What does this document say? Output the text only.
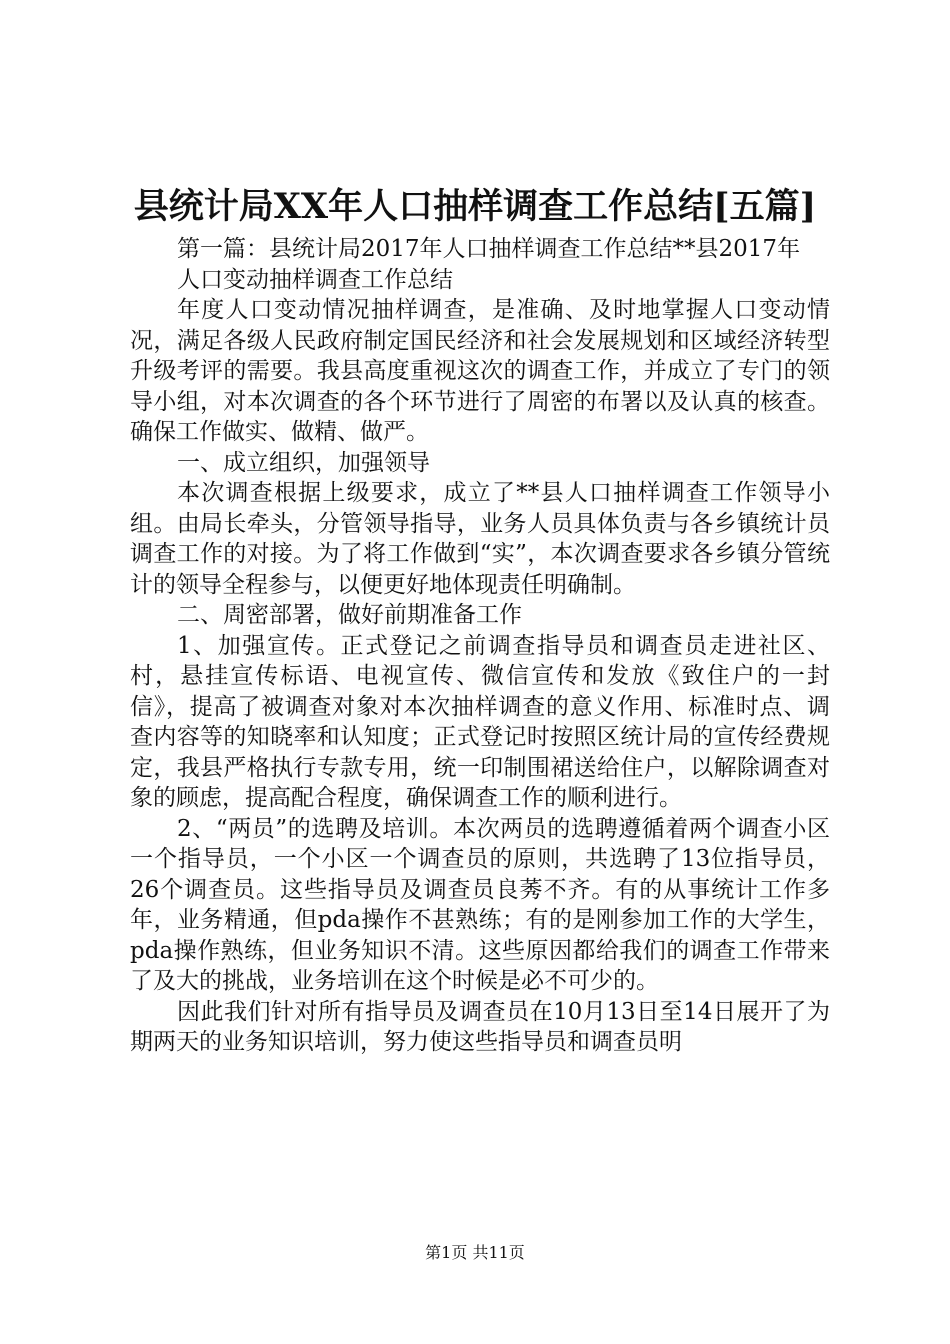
县统计局XX年人口抽样调查工作总结[五篇]

第一篇：县统计局2017年人口抽样调查工作总结**县2017年

人口变动抽样调查工作总结

年度人口变动情况抽样调查，是准确、及时地掌握人口变动情况，满足各级人民政府制定国民经济和社会发展规划和区域经济转型升级考评的需要。我县高度重视这次的调查工作，并成立了专门的领导小组，对本次调查的各个环节进行了周密的布署以及认真的核查。确保工作做实、做精、做严。

一、成立组织，加强领导

本次调查根据上级要求，成立了**县人口抽样调查工作领导小组。由局长牵头，分管领导指导，业务人员具体负责与各乡镇统计员调查工作的对接。为了将工作做到“实”，本次调查要求各乡镇分管统计的领导全程参与，以便更好地体现责任明确制。

二、周密部署，做好前期准备工作

1、加强宣传。正式登记之前调查指导员和调查员走进社区、村，悬挂宣传标语、电视宣传、微信宣传和发放《致住户的一封信》，提高了被调查对象对本次抽样调查的意义作用、标准时点、调查内容等的知晓率和认知度；正式登记时按照区统计局的宣传经费规定，我县严格执行专款专用，统一印制围裙送给住户，以解除调查对象的顾虑，提高配合程度，确保调查工作的顺利进行。

2、“两员”的选聘及培训。本次两员的选聘遵循着两个调查小区一个指导员，一个小区一个调查员的原则，共选聘了13位指导员，26个调查员。这些指导员及调查员良莠不齐。有的从事统计工作多年，业务精通，但pda操作不甚熟练；有的是刚参加工作的大学生，pda操作熟练，但业务知识不清。这些原因都给我们的调查工作带来了及大的挑战，业务培训在这个时候是必不可少的。

因此我们针对所有指导员及调查员在10月13日至14日展开了为期两天的业务知识培训，努力使这些指导员和调查员明

第1页 共11页
